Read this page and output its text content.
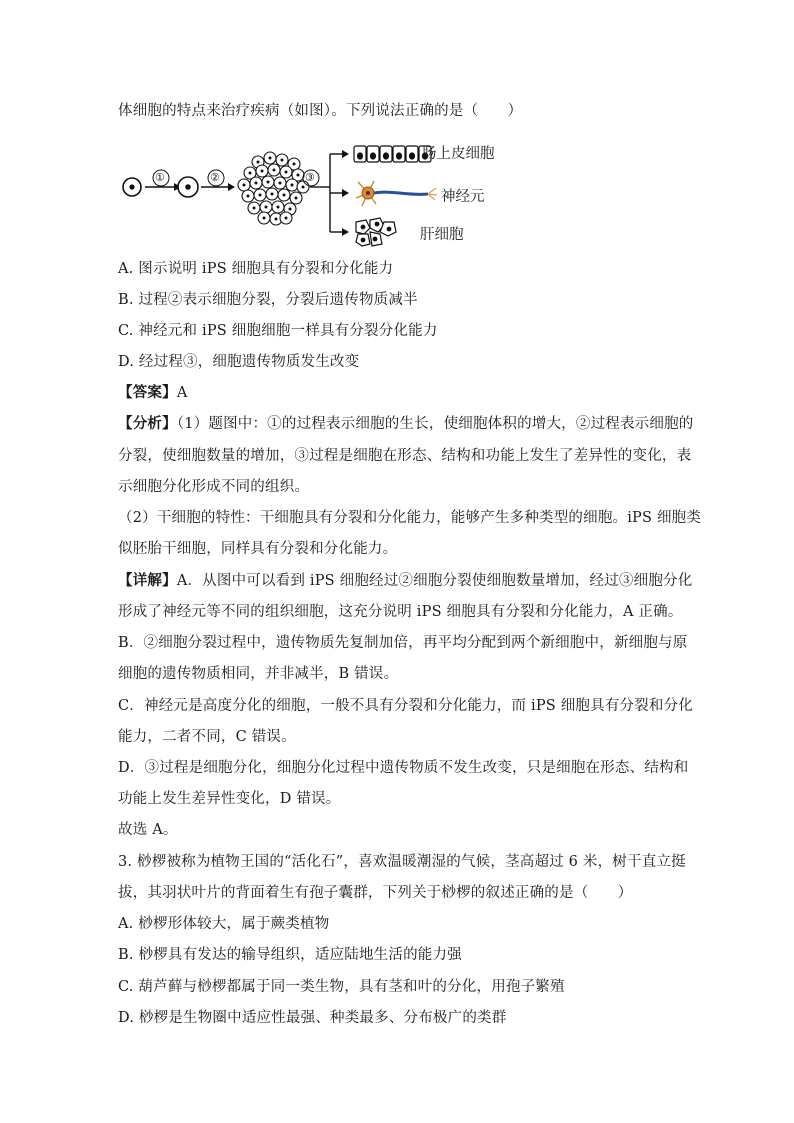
体细胞的特点来治疗疾病（如图）。下列说法正确的是（　　）
①	②	③
肠上皮细胞
神经元
肝细胞
A. 图示说明 iPS 细胞具有分裂和分化能力
B. 过程②表示细胞分裂，分裂后遗传物质减半
C. 神经元和 iPS 细胞细胞一样具有分裂分化能力
D. 经过程③，细胞遗传物质发生改变
【答案】A
【分析】（1）题图中：①的过程表示细胞的生长，使细胞体积的增大，②过程表示细胞的
分裂，使细胞数量的增加，③过程是细胞在形态、结构和功能上发生了差异性的变化，表
示细胞分化形成不同的组织。
（2）干细胞的特性：干细胞具有分裂和分化能力，能够产生多种类型的细胞。iPS 细胞类
似胚胎干细胞，同样具有分裂和分化能力。
【详解】A．从图中可以看到 iPS 细胞经过②细胞分裂使细胞数量增加，经过③细胞分化
形成了神经元等不同的组织细胞，这充分说明 iPS 细胞具有分裂和分化能力，A 正确。
B．②细胞分裂过程中，遗传物质先复制加倍，再平均分配到两个新细胞中，新细胞与原
细胞的遗传物质相同，并非减半，B 错误。
C．神经元是高度分化的细胞，一般不具有分裂和分化能力，而 iPS 细胞具有分裂和分化
能力，二者不同，C 错误。
D．③过程是细胞分化，细胞分化过程中遗传物质不发生改变，只是细胞在形态、结构和
功能上发生差异性变化，D 错误。
故选 A。
3. 桫椤被称为植物王国的“活化石”，喜欢温暖潮湿的气候，茎高超过 6 米，树干直立挺
拔，其羽状叶片的背面着生有孢子囊群，下列关于桫椤的叙述正确的是（　　）
A. 桫椤形体较大，属于蕨类植物
B. 桫椤具有发达的输导组织，适应陆地生活的能力强
C. 葫芦藓与桫椤都属于同一类生物，具有茎和叶的分化，用孢子繁殖
D. 桫椤是生物圈中适应性最强、种类最多、分布极广的类群
